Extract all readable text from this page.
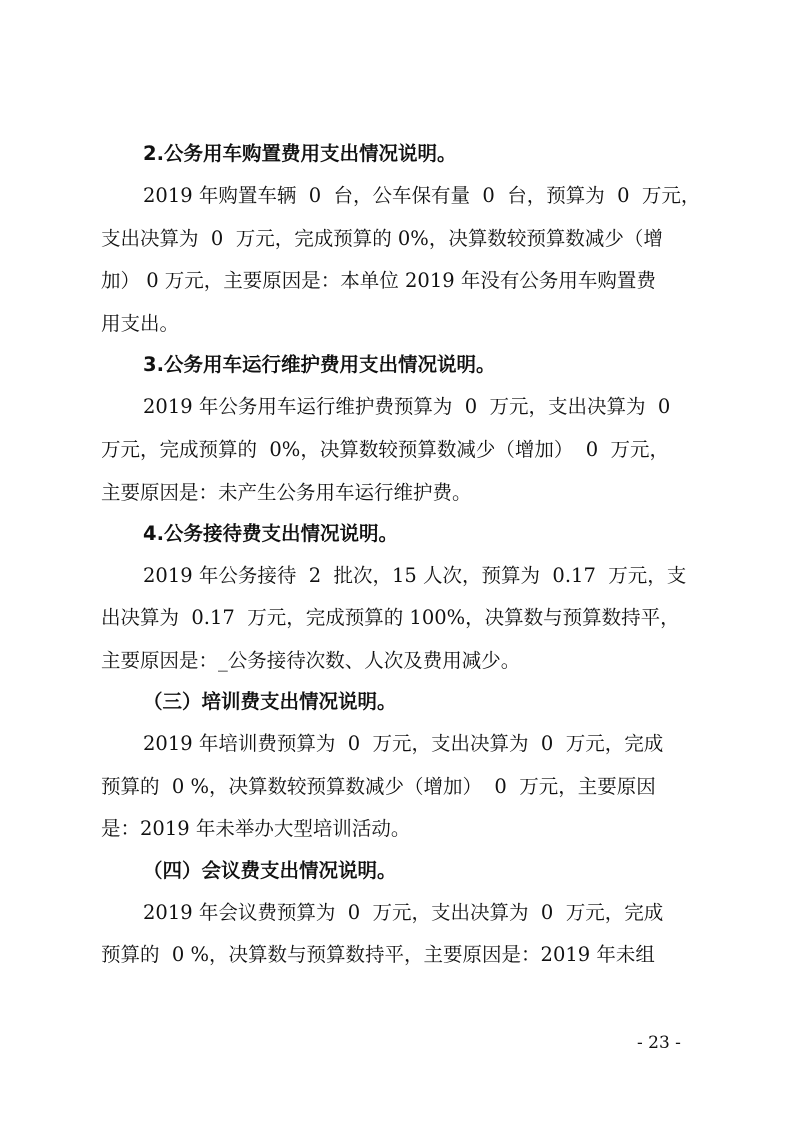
2.公务用车购置费用支出情况说明。
2019 年购置车辆  0  台，公车保有量  0  台，预算为  0  万元，
支出决算为  0  万元，完成预算的 0%，决算数较预算数减少（增
加） 0 万元，主要原因是：本单位 2019 年没有公务用车购置费
用支出。
3.公务用车运行维护费用支出情况说明。
2019 年公务用车运行维护费预算为  0  万元，支出决算为  0
万元，完成预算的  0%，决算数较预算数减少（增加）  0  万元，
主要原因是：未产生公务用车运行维护费。
4.公务接待费支出情况说明。
2019 年公务接待  2  批次，15 人次，预算为  0.17  万元，支
出决算为  0.17  万元，完成预算的 100%，决算数与预算数持平，
主要原因是：_公务接待次数、人次及费用减少。
（三）培训费支出情况说明。
2019 年培训费预算为  0  万元，支出决算为  0  万元，完成
预算的  0 %，决算数较预算数减少（增加）  0  万元，主要原因
是：2019 年未举办大型培训活动。
（四）会议费支出情况说明。
2019 年会议费预算为  0  万元，支出决算为  0  万元，完成
预算的  0 %，决算数与预算数持平，主要原因是：2019 年未组
- 23 -
